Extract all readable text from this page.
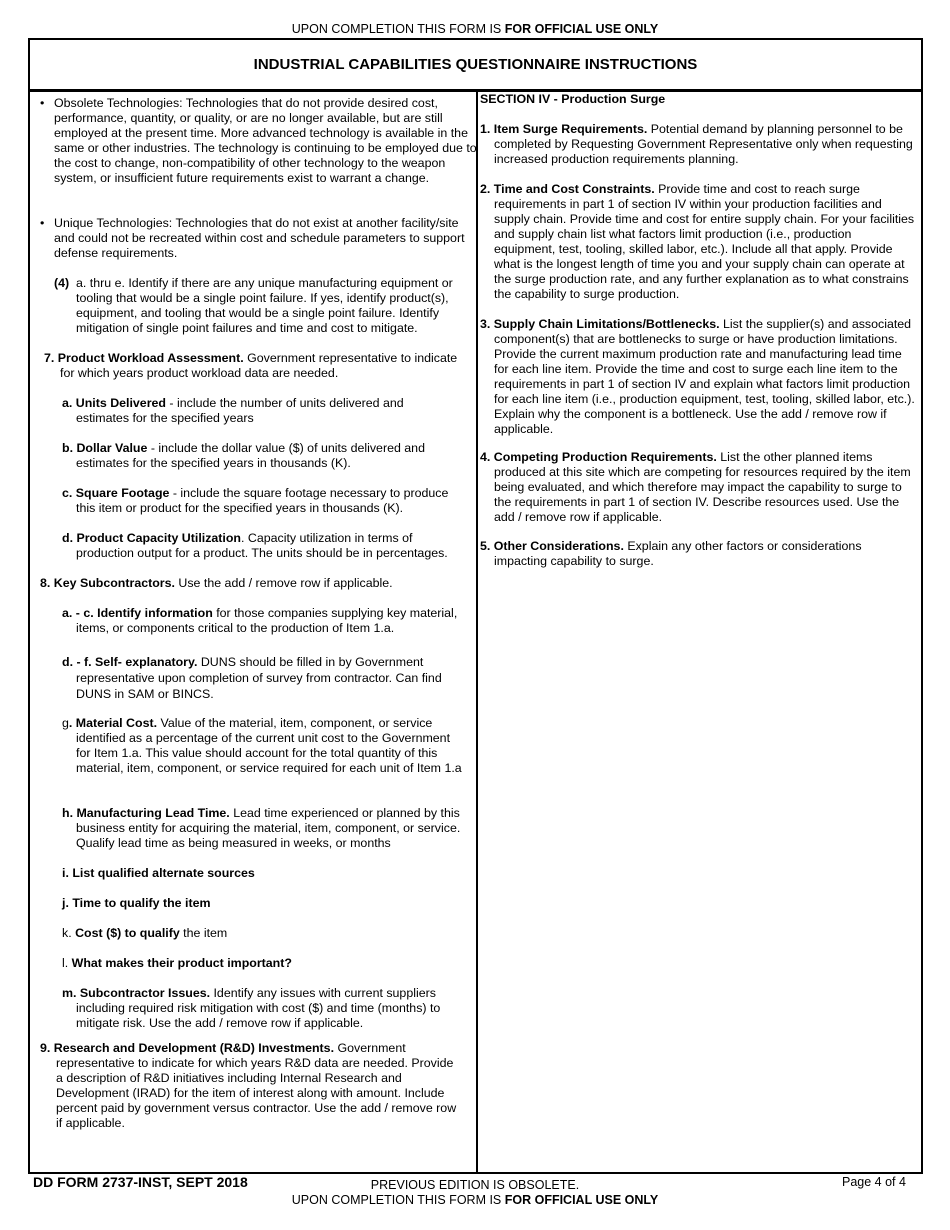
UPON COMPLETION THIS FORM IS FOR OFFICIAL USE ONLY
INDUSTRIAL CAPABILITIES QUESTIONNAIRE INSTRUCTIONS
• Obsolete Technologies: Technologies that do not provide desired cost, performance, quantity, or quality, or are no longer available, but are still employed at the present time. More advanced technology is available in the same or other industries. The technology is continuing to be employed due to the cost to change, non-compatibility of other technology to the weapon system, or insufficient future requirements exist to warrant a change.

• Unique Technologies: Technologies that do not exist at another facility/site and could not be recreated within cost and schedule parameters to support defense requirements.

(4) a. thru e. Identify if there are any unique manufacturing equipment or tooling that would be a single point failure. If yes, identify product(s), equipment, and tooling that would be a single point failure. Identify mitigation of single point failures and time and cost to mitigate.

7. Product Workload Assessment. Government representative to indicate for which years product workload data are needed.

a. Units Delivered - include the number of units delivered and estimates for the specified years

b. Dollar Value - include the dollar value ($) of units delivered and estimates for the specified years in thousands (K).

c. Square Footage - include the square footage necessary to produce this item or product for the specified years in thousands (K).

d. Product Capacity Utilization. Capacity utilization in terms of production output for a product. The units should be in percentages.

8. Key Subcontractors. Use the add / remove row if applicable.

a. - c. Identify information for those companies supplying key material, items, or components critical to the production of Item 1.a.

d. - f. Self- explanatory. DUNS should be filled in by Government representative upon completion of survey from contractor. Can find DUNS in SAM or BINCS.

g. Material Cost. Value of the material, item, component, or service identified as a percentage of the current unit cost to the Government for Item 1.a. This value should account for the total quantity of this material, item, component, or service required for each unit of Item 1.a

h. Manufacturing Lead Time. Lead time experienced or planned by this business entity for acquiring the material, item, component, or service. Qualify lead time as being measured in weeks, or months

i. List qualified alternate sources
j. Time to qualify the item
k. Cost ($) to qualify the item
l. What makes their product important?

m. Subcontractor Issues. Identify any issues with current suppliers including required risk mitigation with cost ($) and time (months) to mitigate risk. Use the add / remove row if applicable.

9. Research and Development (R&D) Investments. Government representative to indicate for which years R&D data are needed. Provide a description of R&D initiatives including Internal Research and Development (IRAD) for the item of interest along with amount. Include percent paid by government versus contractor. Use the add / remove row if applicable.

SECTION IV - Production Surge

1. Item Surge Requirements. Potential demand by planning personnel to be completed by Requesting Government Representative only when requesting increased production requirements planning.

2. Time and Cost Constraints. Provide time and cost to reach surge requirements in part 1 of section IV within your production facilities and supply chain. Provide time and cost for entire supply chain. For your facilities and supply chain list what factors limit production (i.e., production equipment, test, tooling, skilled labor, etc.). Include all that apply. Provide what is the longest length of time you and your supply chain can operate at the surge production rate, and any further explanation as to what constrains the capability to surge production.

3. Supply Chain Limitations/Bottlenecks. List the supplier(s) and associated component(s) that are bottlenecks to surge or have production limitations. Provide the current maximum production rate and manufacturing lead time for each line item. Provide the time and cost to surge each line item to the requirements in part 1 of section IV and explain what factors limit production for each line item (i.e., production equipment, test, tooling, skilled labor, etc.). Explain why the component is a bottleneck. Use the add / remove row if applicable.

4. Competing Production Requirements. List the other planned items produced at this site which are competing for resources required by the item being evaluated, and which therefore may impact the capability to surge to the requirements in part 1 of section IV. Describe resources used. Use the add / remove row if applicable.

5. Other Considerations. Explain any other factors or considerations impacting capability to surge.

PREVIOUS EDITION IS OBSOLETE.
DD FORM 2737-INST, SEPT 2018	Page 4 of 4
UPON COMPLETION THIS FORM IS FOR OFFICIAL USE ONLY
